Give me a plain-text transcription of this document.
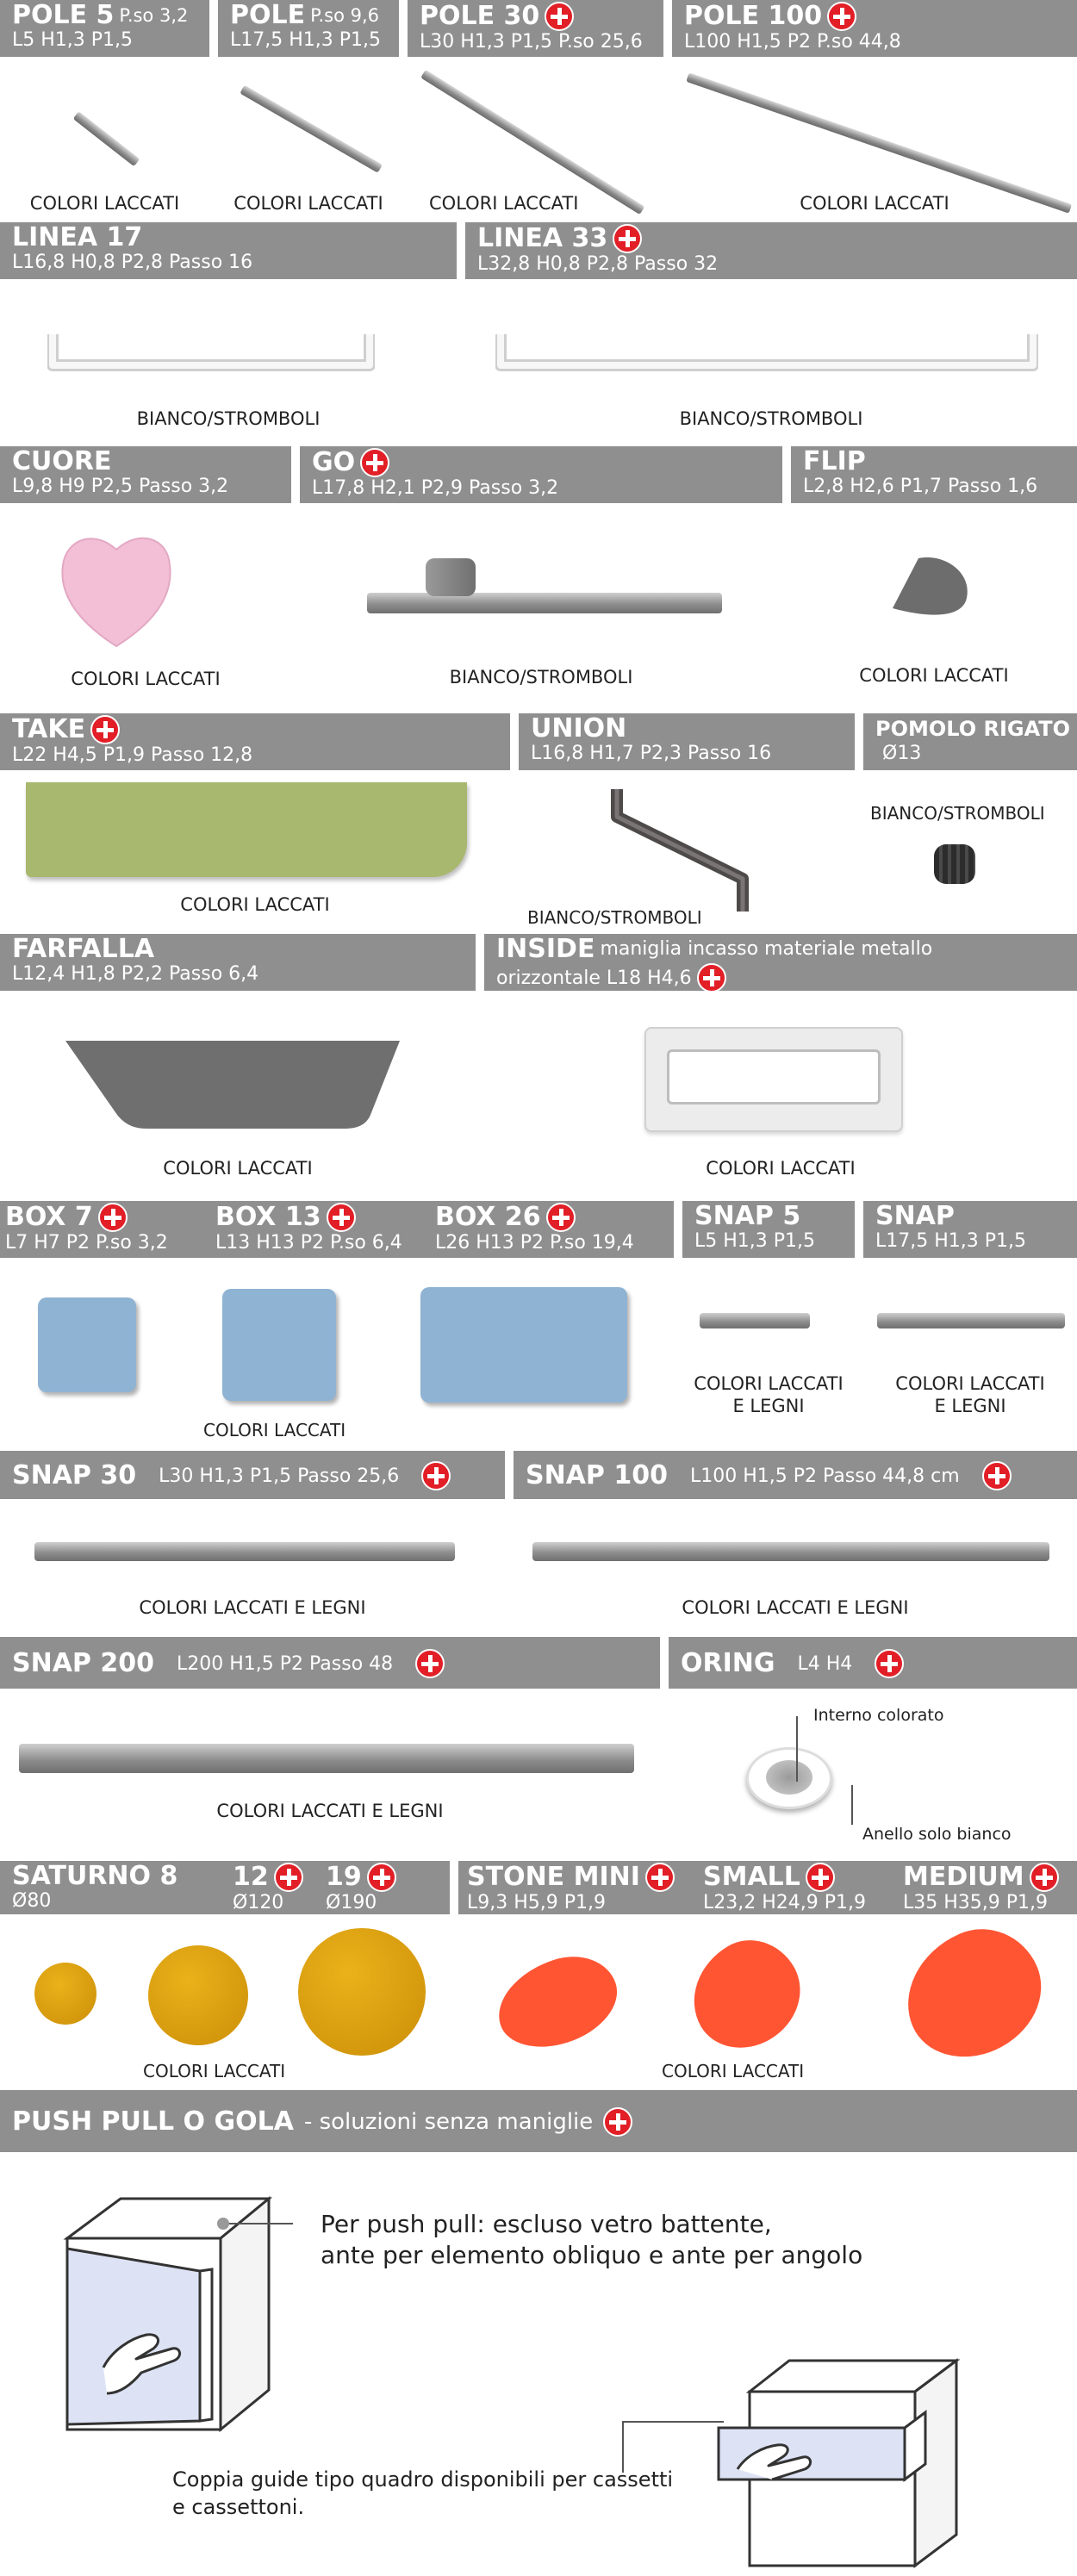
POLE 5 P.so 3,2
L5 H1,3 P1,5
COLORI LACCATI
POLE P.so 9,6
L17,5 H1,3 P1,5
COLORI LACCATI
POLE 30
L30 H1,3 P1,5 P.so 25,6
COLORI LACCATI
POLE 100
L100 H1,5 P2 P.so 44,8
COLORI LACCATI
LINEA 17
L16,8 H0,8 P2,8 Passo 16
BIANCO/STROMBOLI
LINEA 33
L32,8 H0,8 P2,8 Passo 32
BIANCO/STROMBOLI
CUORE
L9,8 H9 P2,5 Passo 3,2
COLORI LACCATI
GO
L17,8 H2,1 P2,9 Passo 3,2
BIANCO/STROMBOLI
FLIP
L2,8 H2,6 P1,7 Passo 1,6
COLORI LACCATI
TAKE
L22 H4,5 P1,9 Passo 12,8
COLORI LACCATI
UNION
L16,8 H1,7 P2,3 Passo 16
BIANCO/STROMBOLI
POMOLO RIGATO
Ø13
BIANCO/STROMBOLI
FARFALLA
L12,4 H1,8 P2,2 Passo 6,4
COLORI LACCATI
INSIDE maniglia incasso materiale metallo
orizzontale L18 H4,6
COLORI LACCATI
BOX 7
L7 H7 P2 P.so 3,2
BOX 13
L13 H13 P2 P.so 6,4
BOX 26
L26 H13 P2 P.so 19,4
COLORI LACCATI
SNAP 5
L5 H1,3 P1,5
COLORI LACCATI
E LEGNI
SNAP
L17,5 H1,3 P1,5
COLORI LACCATI
E LEGNI
SNAP 30 L30 H1,3 P1,5 Passo 25,6
COLORI LACCATI E LEGNI
SNAP 100 L100 H1,5 P2 Passo 44,8 cm
COLORI LACCATI E LEGNI
SNAP 200 L200 H1,5 P2 Passo 48
COLORI LACCATI E LEGNI
ORING L4 H4
Interno colorato
Anello solo bianco
SATURNO 8
Ø80
12
Ø120
19
Ø190
COLORI LACCATI
STONE MINI
L9,3 H5,9 P1,9
SMALL
L23,2 H24,9 P1,9
MEDIUM
L35 H35,9 P1,9
COLORI LACCATI
PUSH PULL O GOLA - soluzioni senza maniglie
Per push pull: escluso vetro battente,
ante per elemento obliquo e ante per angolo
Coppia guide tipo quadro disponibili per cassetti
e cassettoni.
